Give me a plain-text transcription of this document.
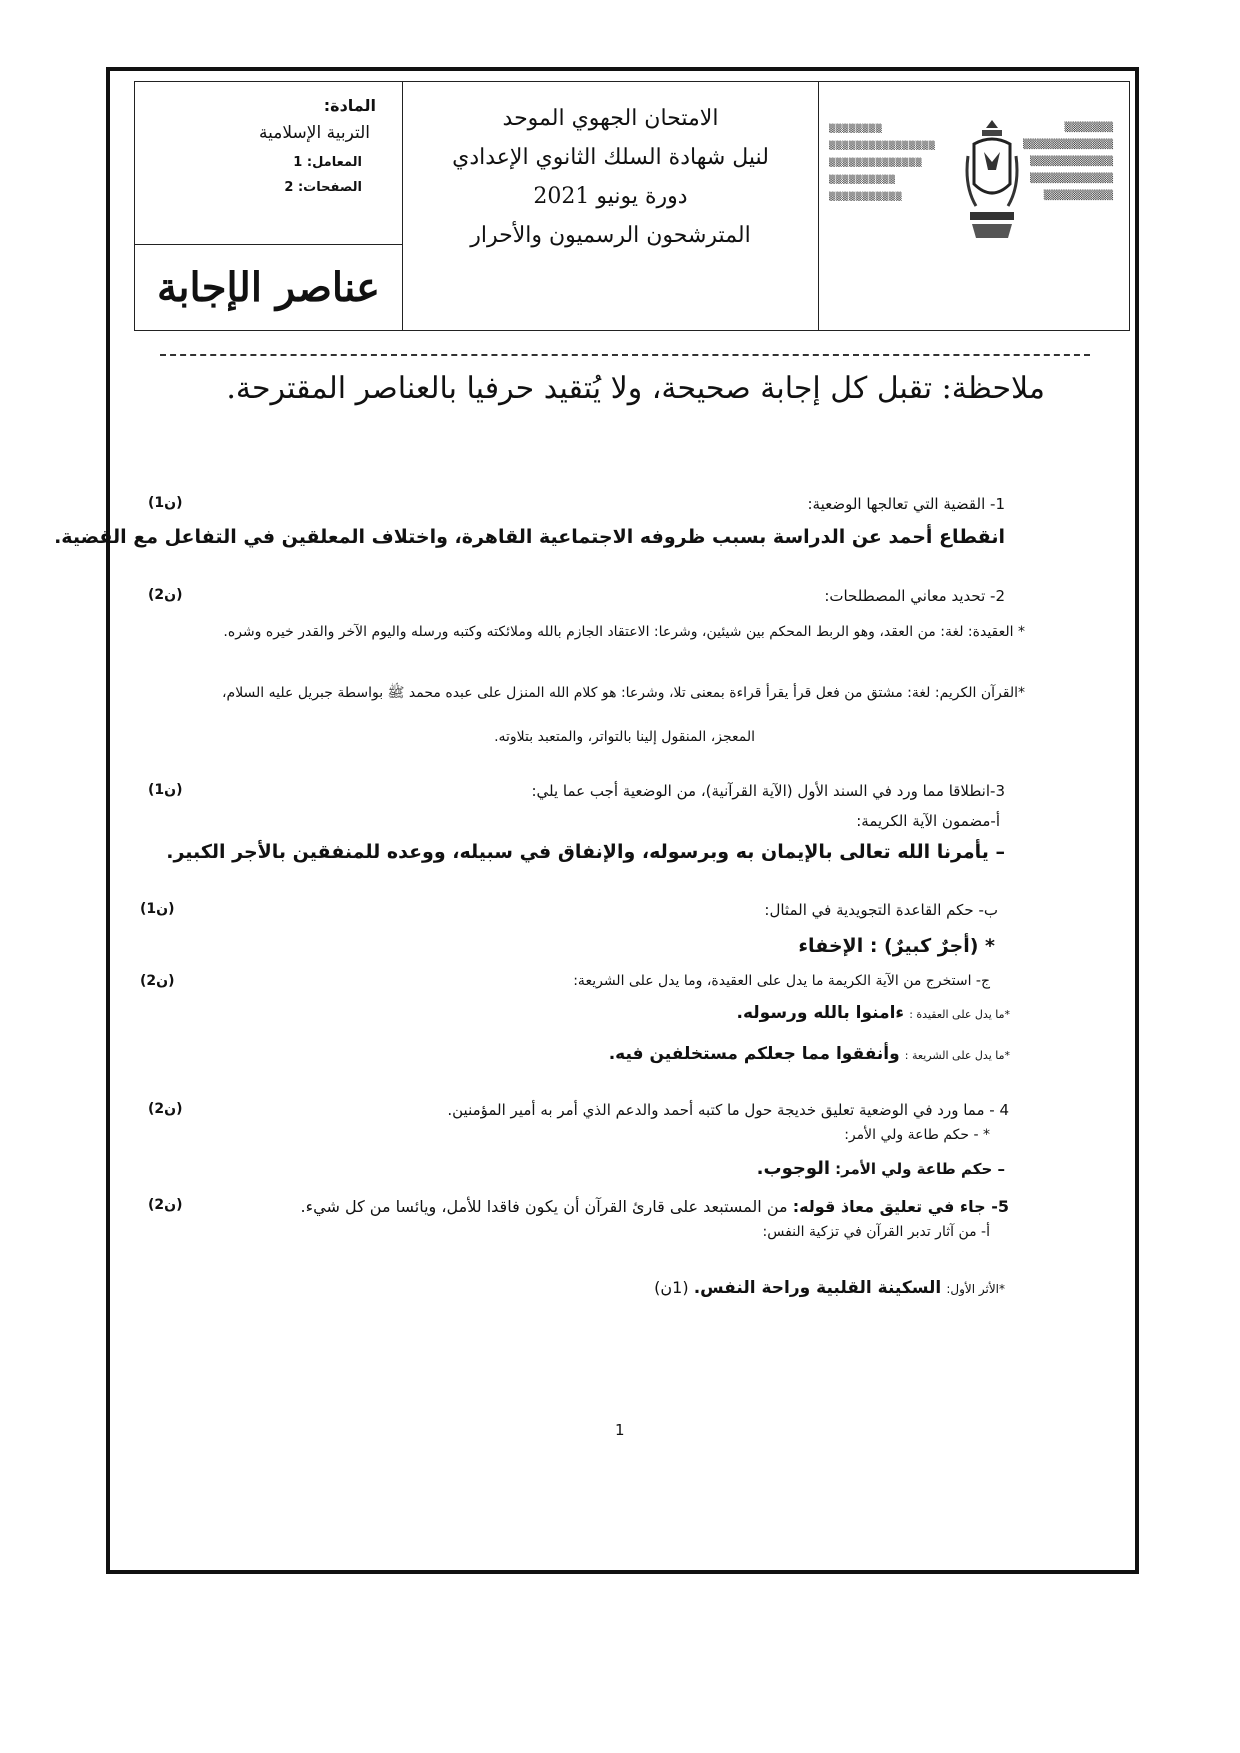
المادة:
التربية الإسلامية
المعامل: 1
الصفحات: 2
عناصر الإجابة
الامتحان الجهوي الموحد
لنيل شهادة السلك الثانوي الإعدادي
دورة يونيو 2021
المترشحون الرسميون والأحرار
▒▒▒▒▒▒▒▒
▒▒▒▒▒▒▒▒▒▒▒▒▒▒▒▒
▒▒▒▒▒▒▒▒▒▒▒▒▒▒
▒▒▒▒▒▒▒▒▒▒
▒▒▒▒▒▒▒▒▒▒▒
▒▒▒▒▒▒▒
▒▒▒▒▒▒▒▒▒▒▒▒▒
▒▒▒▒▒▒▒▒▒▒▒▒
▒▒▒▒▒▒▒▒▒▒▒▒
▒▒▒▒▒▒▒▒▒▒
ملاحظة: تقبل كل إجابة صحيحة، ولا يُتقيد حرفيا بالعناصر المقترحة.
1- القضية التي تعالجها الوضعية:
(1ن)
انقطاع أحمد عن الدراسة بسبب ظروفه الاجتماعية القاهرة، واختلاف المعلقين في التفاعل مع القضية.
2- تحديد معاني المصطلحات:
(2ن)
* العقيدة: لغة: من العقد، وهو الربط المحكم بين شيئين، وشرعا: الاعتقاد الجازم بالله وملائكته وكتبه ورسله واليوم الآخر والقدر خيره وشره.
*القرآن الكريم: لغة: مشتق من فعل قرأ يقرأ قراءة بمعنى تلا، وشرعا: هو كلام الله المنزل على عبده محمد ﷺ بواسطة جبريل عليه السلام،
المعجز، المنقول إلينا بالتواتر، والمتعبد بتلاوته.
3-انطلاقا مما ورد في السند الأول (الآية القرآنية)، من الوضعية أجب عما يلي:
(1ن)
أ-مضمون الآية الكريمة:
– يأمرنا الله تعالى بالإيمان به وبرسوله، والإنفاق في سبيله، ووعده للمنفقين بالأجر الكبير.
ب- حكم القاعدة التجويدية في المثال:
(1ن)
* (أجرٌ كبيرٌ) : الإخفاء
ج- استخرج من الآية الكريمة ما يدل على العقيدة، وما يدل على الشريعة:
(2ن)
*ما يدل على العقيدة : ءامنوا بالله ورسوله.
*ما يدل على الشريعة : وأنفقوا مما جعلكم مستخلفين فيه.
4 - مما ورد في الوضعية تعليق خديجة حول ما كتبه أحمد والدعم الذي أمر به أمير المؤمنين.
(2ن)
* - حكم طاعة ولي الأمر:
– حكم طاعة ولي الأمر: الوجوب.
5- جاء في تعليق معاذ قوله: من المستبعد على قارئ القرآن أن يكون فاقدا للأمل، ويائسا من كل شيء.
(2ن)
أ- من آثار تدبر القرآن في تزكية النفس:
*الأثر الأول: السكينة القلبية وراحة النفس. (1ن)
1
